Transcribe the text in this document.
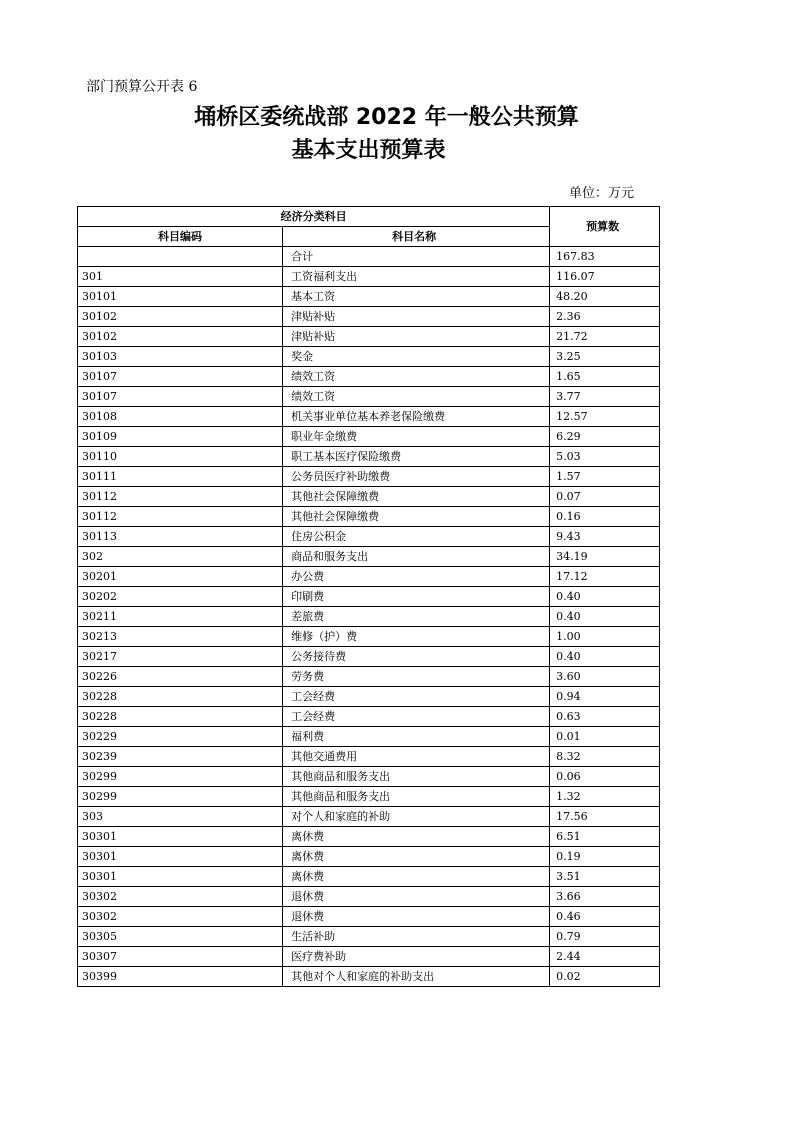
部门预算公开表 6
埇桥区委统战部 2022 年一般公共预算
基本支出预算表
单位：万元
经济分类科目		预算数
科目编码	科目名称	
	合计	167.83
301	工资福利支出	116.07
30101	基本工资	48.20
30102	津贴补贴	2.36
30102	津贴补贴	21.72
30103	奖金	3.25
30107	绩效工资	1.65
30107	绩效工资	3.77
30108	机关事业单位基本养老保险缴费	12.57
30109	职业年金缴费	6.29
30110	职工基本医疗保险缴费	5.03
30111	公务员医疗补助缴费	1.57
30112	其他社会保障缴费	0.07
30112	其他社会保障缴费	0.16
30113	住房公积金	9.43
302	商品和服务支出	34.19
30201	办公费	17.12
30202	印刷费	0.40
30211	差旅费	0.40
30213	维修（护）费	1.00
30217	公务接待费	0.40
30226	劳务费	3.60
30228	工会经费	0.94
30228	工会经费	0.63
30229	福利费	0.01
30239	其他交通费用	8.32
30299	其他商品和服务支出	0.06
30299	其他商品和服务支出	1.32
303	对个人和家庭的补助	17.56
30301	离休费	6.51
30301	离休费	0.19
30301	离休费	3.51
30302	退休费	3.66
30302	退休费	0.46
30305	生活补助	0.79
30307	医疗费补助	2.44
30399	其他对个人和家庭的补助支出	0.02
